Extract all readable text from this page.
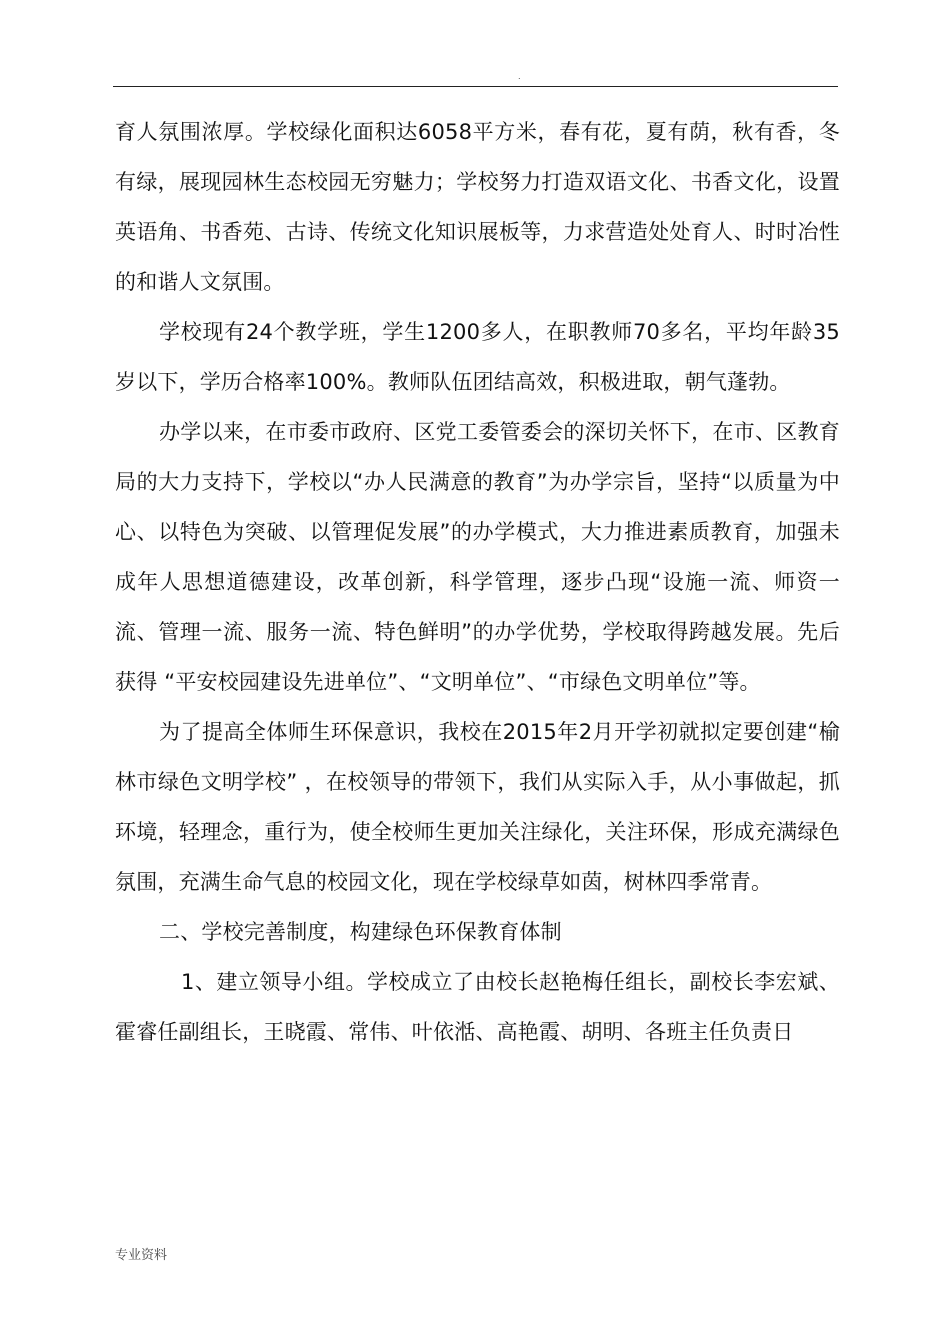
.

育人氛围浓厚。学校绿化面积达6058平方米，春有花，夏有荫，秋有香，冬有绿，展现园林生态校园无穷魅力；学校努力打造双语文化、书香文化，设置英语角、书香苑、古诗、传统文化知识展板等，力求营造处处育人、时时冶性的和谐人文氛围。

学校现有24个教学班，学生1200多人，在职教师70多名，平均年龄35岁以下，学历合格率100%。教师队伍团结高效，积极进取，朝气蓬勃。

办学以来，在市委市政府、区党工委管委会的深切关怀下，在市、区教育局的大力支持下，学校以“办人民满意的教育”为办学宗旨，坚持“以质量为中心、以特色为突破、以管理促发展”的办学模式，大力推进素质教育，加强未成年人思想道德建设，改革创新，科学管理，逐步凸现“设施一流、师资一流、管理一流、服务一流、特色鲜明”的办学优势，学校取得跨越发展。先后获得 “平安校园建设先进单位”、“文明单位”、“市绿色文明单位”等。

为了提高全体师生环保意识，我校在2015年2月开学初就拟定要创建“榆林市绿色文明学校” ，在校领导的带领下，我们从实际入手，从小事做起，抓环境，轻理念，重行为，使全校师生更加关注绿化，关注环保，形成充满绿色氛围，充满生命气息的校园文化，现在学校绿草如茵，树林四季常青。

二、学校完善制度，构建绿色环保教育体制

1、建立领导小组。学校成立了由校长赵艳梅任组长，副校长李宏斌、霍睿任副组长，王晓霞、常伟、叶依湉、高艳霞、胡明、各班主任负责日

专业资料
